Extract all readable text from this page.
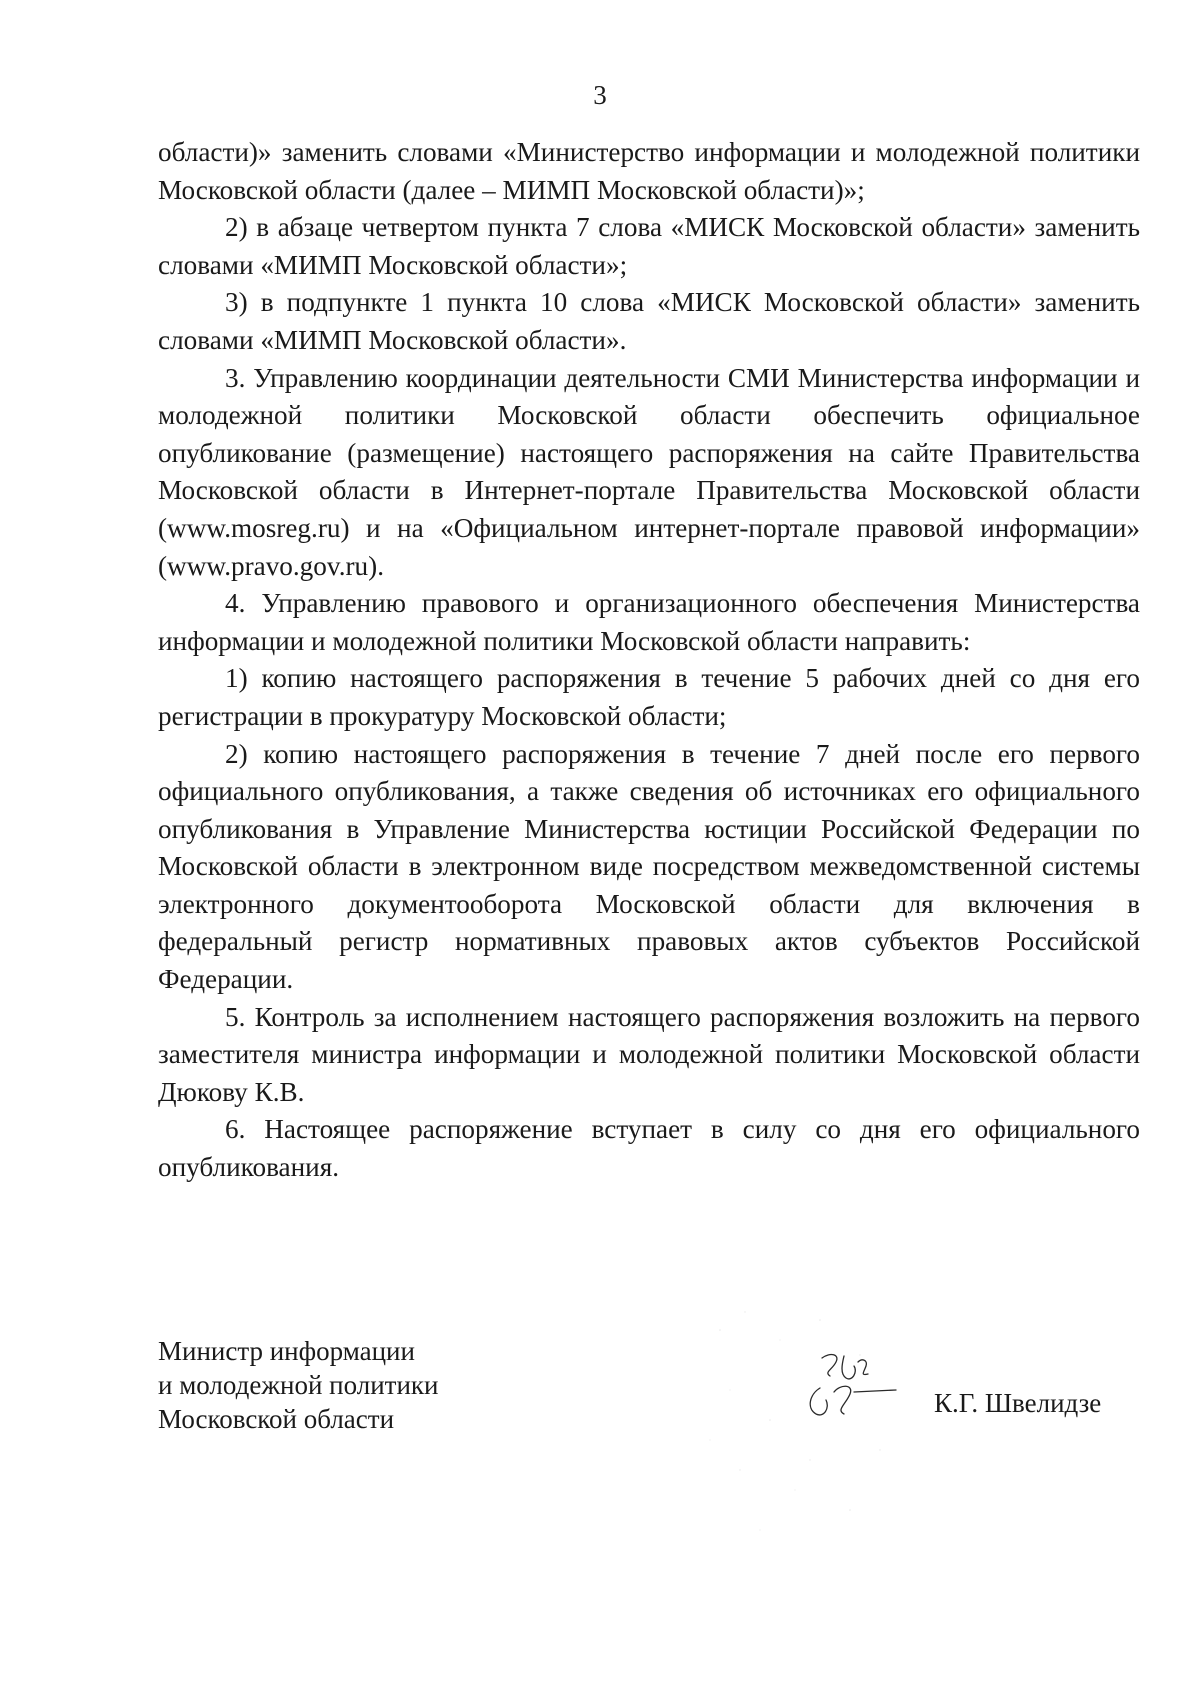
3

области)» заменить словами «Министерство информации и молодежной политики Московской области (далее – МИМП Московской области)»;

2) в абзаце четвертом пункта 7 слова «МИСК Московской области» заменить словами «МИМП Московской области»;

3) в подпункте 1 пункта 10 слова «МИСК Московской области» заменить словами «МИМП Московской области».

3. Управлению координации деятельности СМИ Министерства информации и молодежной политики Московской области обеспечить официальное опубликование (размещение) настоящего распоряжения на сайте Правительства Московской области в Интернет-портале Правительства Московской области (www.mosreg.ru) и на «Официальном интернет-портале правовой информации» (www.pravo.gov.ru).

4. Управлению правового и организационного обеспечения Министерства информации и молодежной политики Московской области направить:

1) копию настоящего распоряжения в течение 5 рабочих дней со дня его регистрации в прокуратуру Московской области;

2) копию настоящего распоряжения в течение 7 дней после его первого официального опубликования, а также сведения об источниках его официального опубликования в Управление Министерства юстиции Российской Федерации по Московской области в электронном виде посредством межведомственной системы электронного документооборота Московской области для включения в федеральный регистр нормативных правовых актов субъектов Российской Федерации.

5. Контроль за исполнением настоящего распоряжения возложить на первого заместителя министра информации и молодежной политики Московской области Дюкову К.В.

6. Настоящее распоряжение вступает в силу со дня его официального опубликования.

Министр информации
и молодежной политики
Московской области
К.Г. Швелидзе
